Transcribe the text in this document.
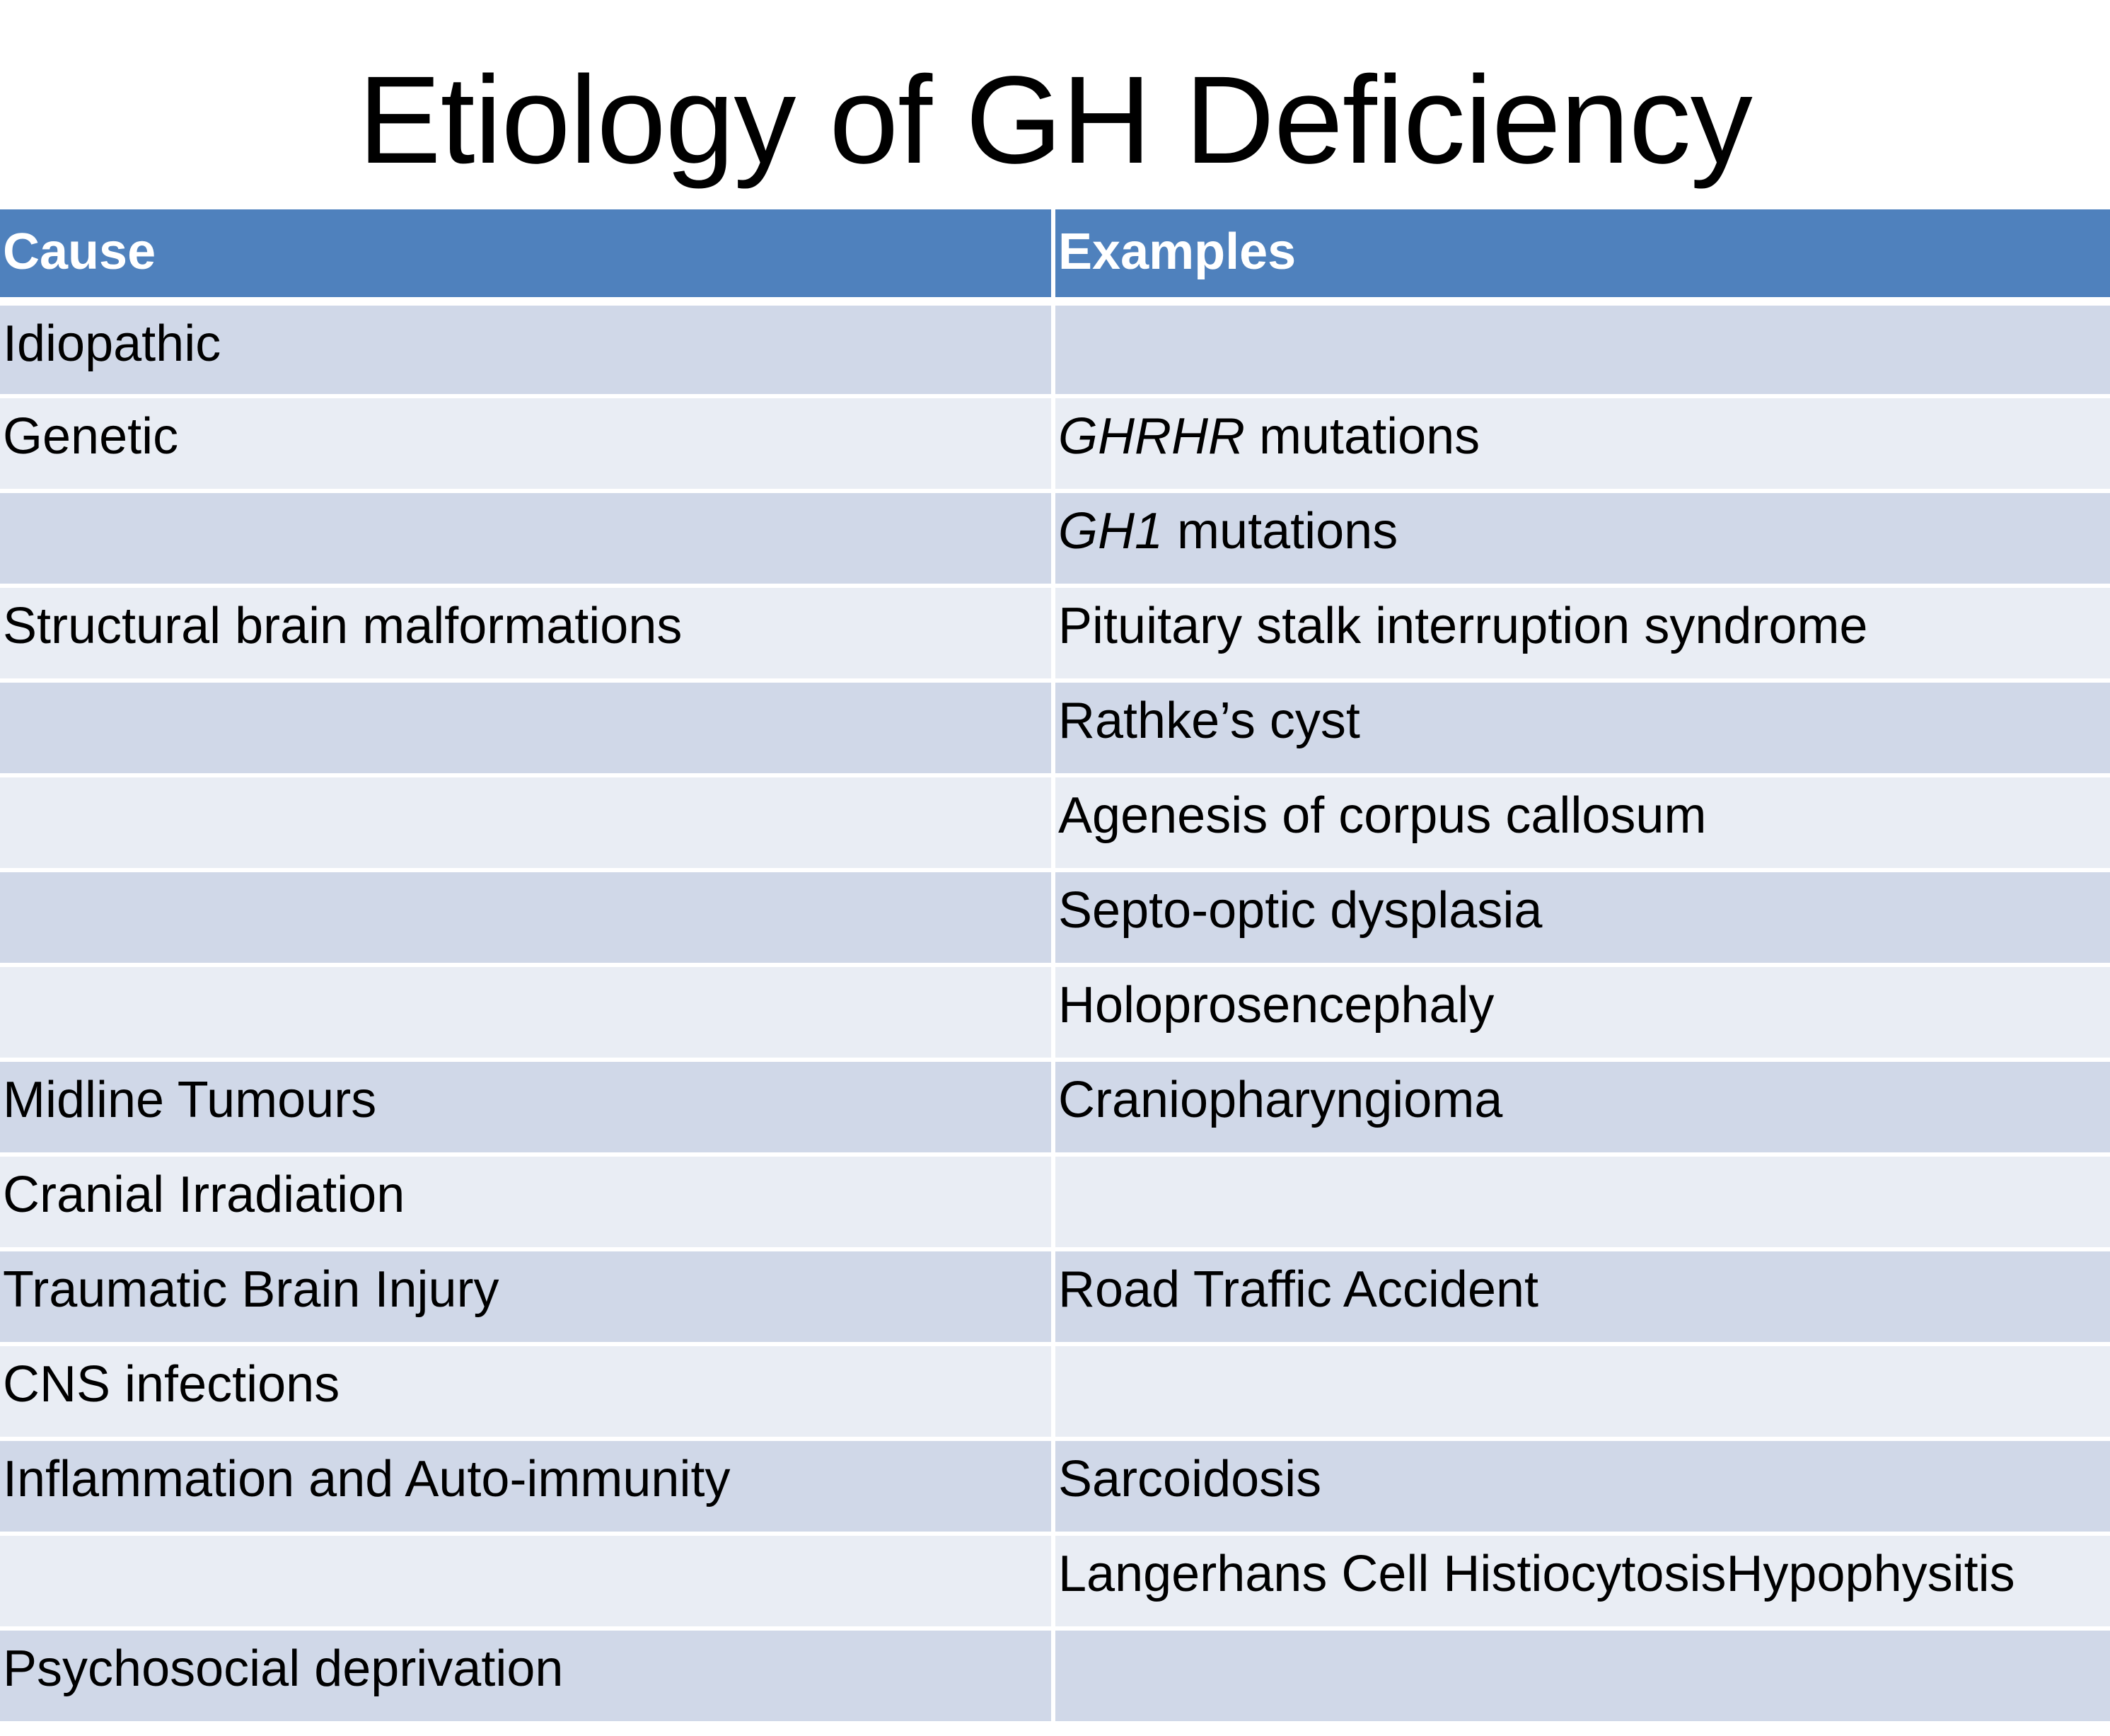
Etiology of GH Deficiency
Cause	Examples
Idiopathic	
Genetic	GHRHR mutations
	GH1 mutations
Structural brain malformations	Pituitary stalk interruption syndrome
	Rathke’s cyst
	Agenesis of corpus callosum
	Septo-optic dysplasia
	Holoprosencephaly
Midline Tumours	Craniopharyngioma
Cranial Irradiation	
Traumatic Brain Injury	Road Traffic Accident
CNS infections	
Inflammation and Auto-immunity	Sarcoidosis
	Langerhans Cell HistiocytosisHypophysitis
Psychosocial deprivation	
